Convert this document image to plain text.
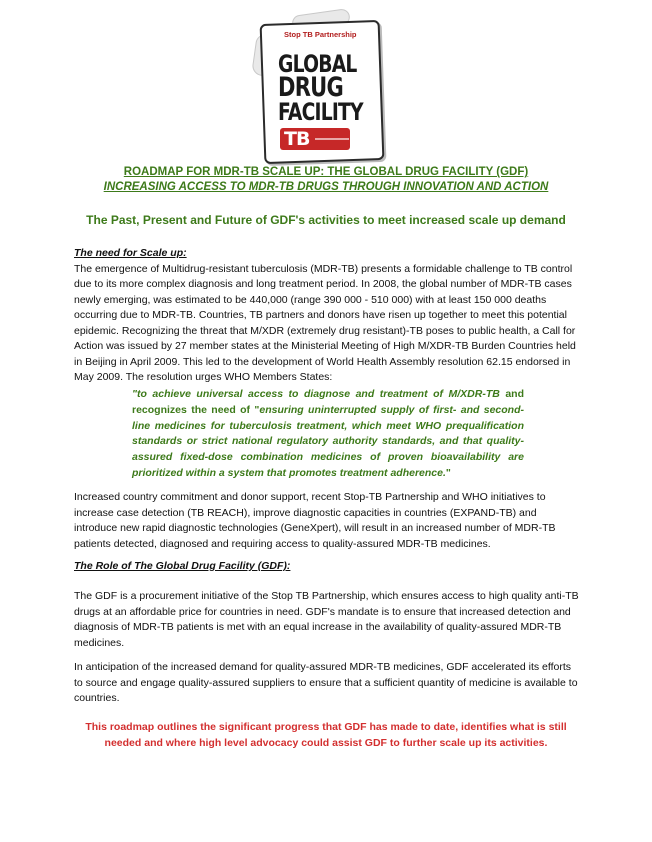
Stop TB Partnership
GLOBAL
DRUG
FACILITY
TB
ROADMAP FOR MDR-TB SCALE UP: THE GLOBAL DRUG FACILITY (GDF)
INCREASING ACCESS TO MDR-TB DRUGS THROUGH INNOVATION AND ACTION
The Past, Present and Future of GDF's activities to meet increased scale up demand
The need for Scale up:
The emergence of Multidrug-resistant tuberculosis (MDR-TB) presents a formidable challenge to TB control due to its more complex diagnosis and long treatment period. In 2008, the global number of MDR-TB cases newly emerging, was estimated to be 440,000 (range 390 000 - 510 000) with at least 150 000 deaths occurring due to MDR-TB. Countries, TB partners and donors have risen up together to meet this potential epidemic. Recognizing the threat that M/XDR (extremely drug resistant)-TB poses to public health, a Call for Action was issued by 27 member states at the Ministerial Meeting of High M/XDR-TB Burden Countries held in Beijing in April 2009. This led to the development of World Health Assembly resolution 62.15 endorsed in May 2009. The resolution urges WHO Members States:
"to achieve universal access to diagnose and treatment of M/XDR-TB and recognizes the need of "ensuring uninterrupted supply of first- and second-line medicines for tuberculosis treatment, which meet WHO prequalification standards or strict national regulatory authority standards, and that quality-assured fixed-dose combination medicines of proven bioavailability are prioritized within a system that promotes treatment adherence."
Increased country commitment and donor support, recent Stop-TB Partnership and WHO initiatives to increase case detection (TB REACH), improve diagnostic capacities in countries (EXPAND-TB) and introduce new rapid diagnostic technologies (GeneXpert), will result in an increased number of MDR-TB patients detected, diagnosed and requiring access to quality-assured MDR-TB medicines.
The Role of The Global Drug Facility (GDF):
The GDF is a procurement initiative of the Stop TB Partnership, which ensures access to high quality anti-TB drugs at an affordable price for countries in need. GDF's mandate is to ensure that increased detection and diagnosis of MDR-TB patients is met with an equal increase in the availability of quality-assured MDR-TB medicines.
In anticipation of the increased demand for quality-assured MDR-TB medicines, GDF accelerated its efforts to source and engage quality-assured suppliers to ensure that a sufficient quantity of medicine is available to countries.
This roadmap outlines the significant progress that GDF has made to date, identifies what is still needed and where high level advocacy could assist GDF to further scale up its activities.
